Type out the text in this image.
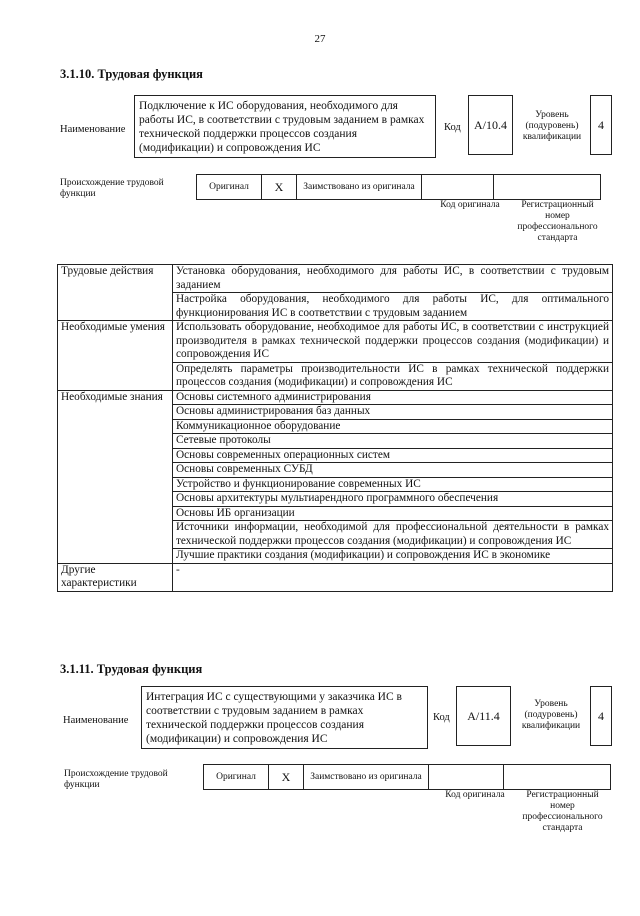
27
3.1.10. Трудовая функция
Наименование
Подключение к ИС оборудования, необходимого для работы ИС, в соответствии с трудовым заданием в рамках технической поддержки процессов создания (модификации) и сопровождения ИС
Код	A/10.4
Уровень (подуровень) квалификации
4
Происхождение трудовой функции
Оригинал	X	Заимствовано из оригинала		
Код оригинала	Регистрационный номер профессионального стандарта
Трудовые действия	Установка оборудования, необходимого для работы ИС, в соответствии с трудовым заданием
	Настройка оборудования, необходимого для работы ИС, для оптимального функционирования ИС в соответствии с трудовым заданием
Необходимые умения	Использовать оборудование, необходимое для работы ИС, в соответствии с инструкцией производителя в рамках технической поддержки процессов создания (модификации) и сопровождения ИС
	Определять параметры производительности ИС в рамках технической поддержки процессов создания (модификации) и сопровождения ИС
Необходимые знания	Основы системного администрирования
	Основы администрирования баз данных
	Коммуникационное оборудование
	Сетевые протоколы
	Основы современных операционных систем
	Основы современных СУБД
	Устройство и функционирование современных ИС
	Основы архитектуры мультиарендного программного обеспечения
	Основы ИБ организации
	Источники информации, необходимой для профессиональной деятельности в рамках технической поддержки процессов создания (модификации) и сопровождения ИС
	Лучшие практики создания (модификации) и сопровождения ИС в экономике
Другие характеристики	-
3.1.11. Трудовая функция
Наименование
Интеграция ИС с существующими у заказчика ИС в соответствии с трудовым заданием в рамках технической поддержки процессов создания (модификации) и сопровождения ИС
Код	A/11.4
Уровень (подуровень) квалификации
4
Происхождение трудовой функции
Оригинал	X	Заимствовано из оригинала		
Код оригинала	Регистрационный номер профессионального стандарта
